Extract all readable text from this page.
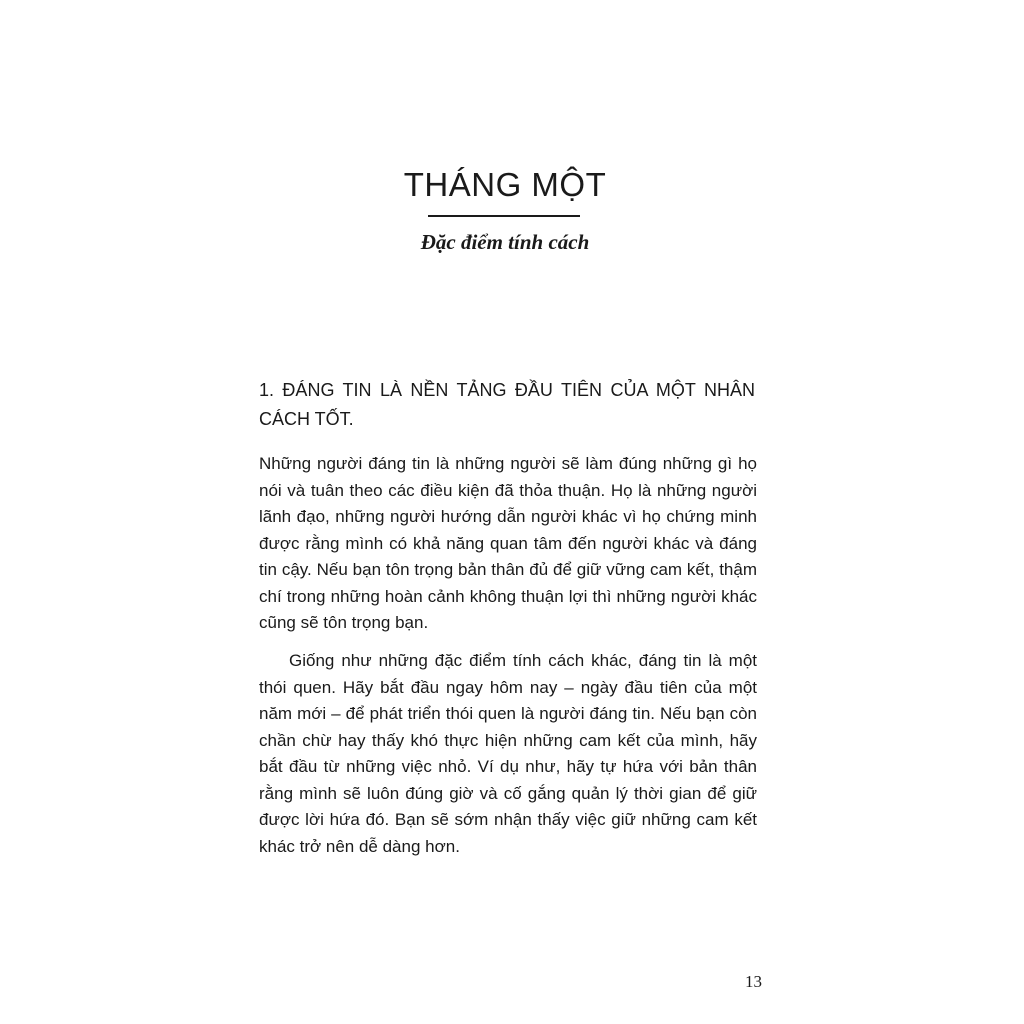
THÁNG MỘT
Đặc điểm tính cách
1. ĐÁNG TIN LÀ NỀN TẢNG ĐẦU TIÊN CỦA MỘT NHÂN CÁCH TỐT.

Những người đáng tin là những người sẽ làm đúng những gì họ nói và tuân theo các điều kiện đã thỏa thuận. Họ là những người lãnh đạo, những người hướng dẫn người khác vì họ chứng minh được rằng mình có khả năng quan tâm đến người khác và đáng tin cậy. Nếu bạn tôn trọng bản thân đủ để giữ vững cam kết, thậm chí trong những hoàn cảnh không thuận lợi thì những người khác cũng sẽ tôn trọng bạn.

Giống như những đặc điểm tính cách khác, đáng tin là một thói quen. Hãy bắt đầu ngay hôm nay – ngày đầu tiên của một năm mới – để phát triển thói quen là người đáng tin. Nếu bạn còn chần chừ hay thấy khó thực hiện những cam kết của mình, hãy bắt đầu từ những việc nhỏ. Ví dụ như, hãy tự hứa với bản thân rằng mình sẽ luôn đúng giờ và cố gắng quản lý thời gian để giữ được lời hứa đó. Bạn sẽ sớm nhận thấy việc giữ những cam kết khác trở nên dễ dàng hơn.

13
